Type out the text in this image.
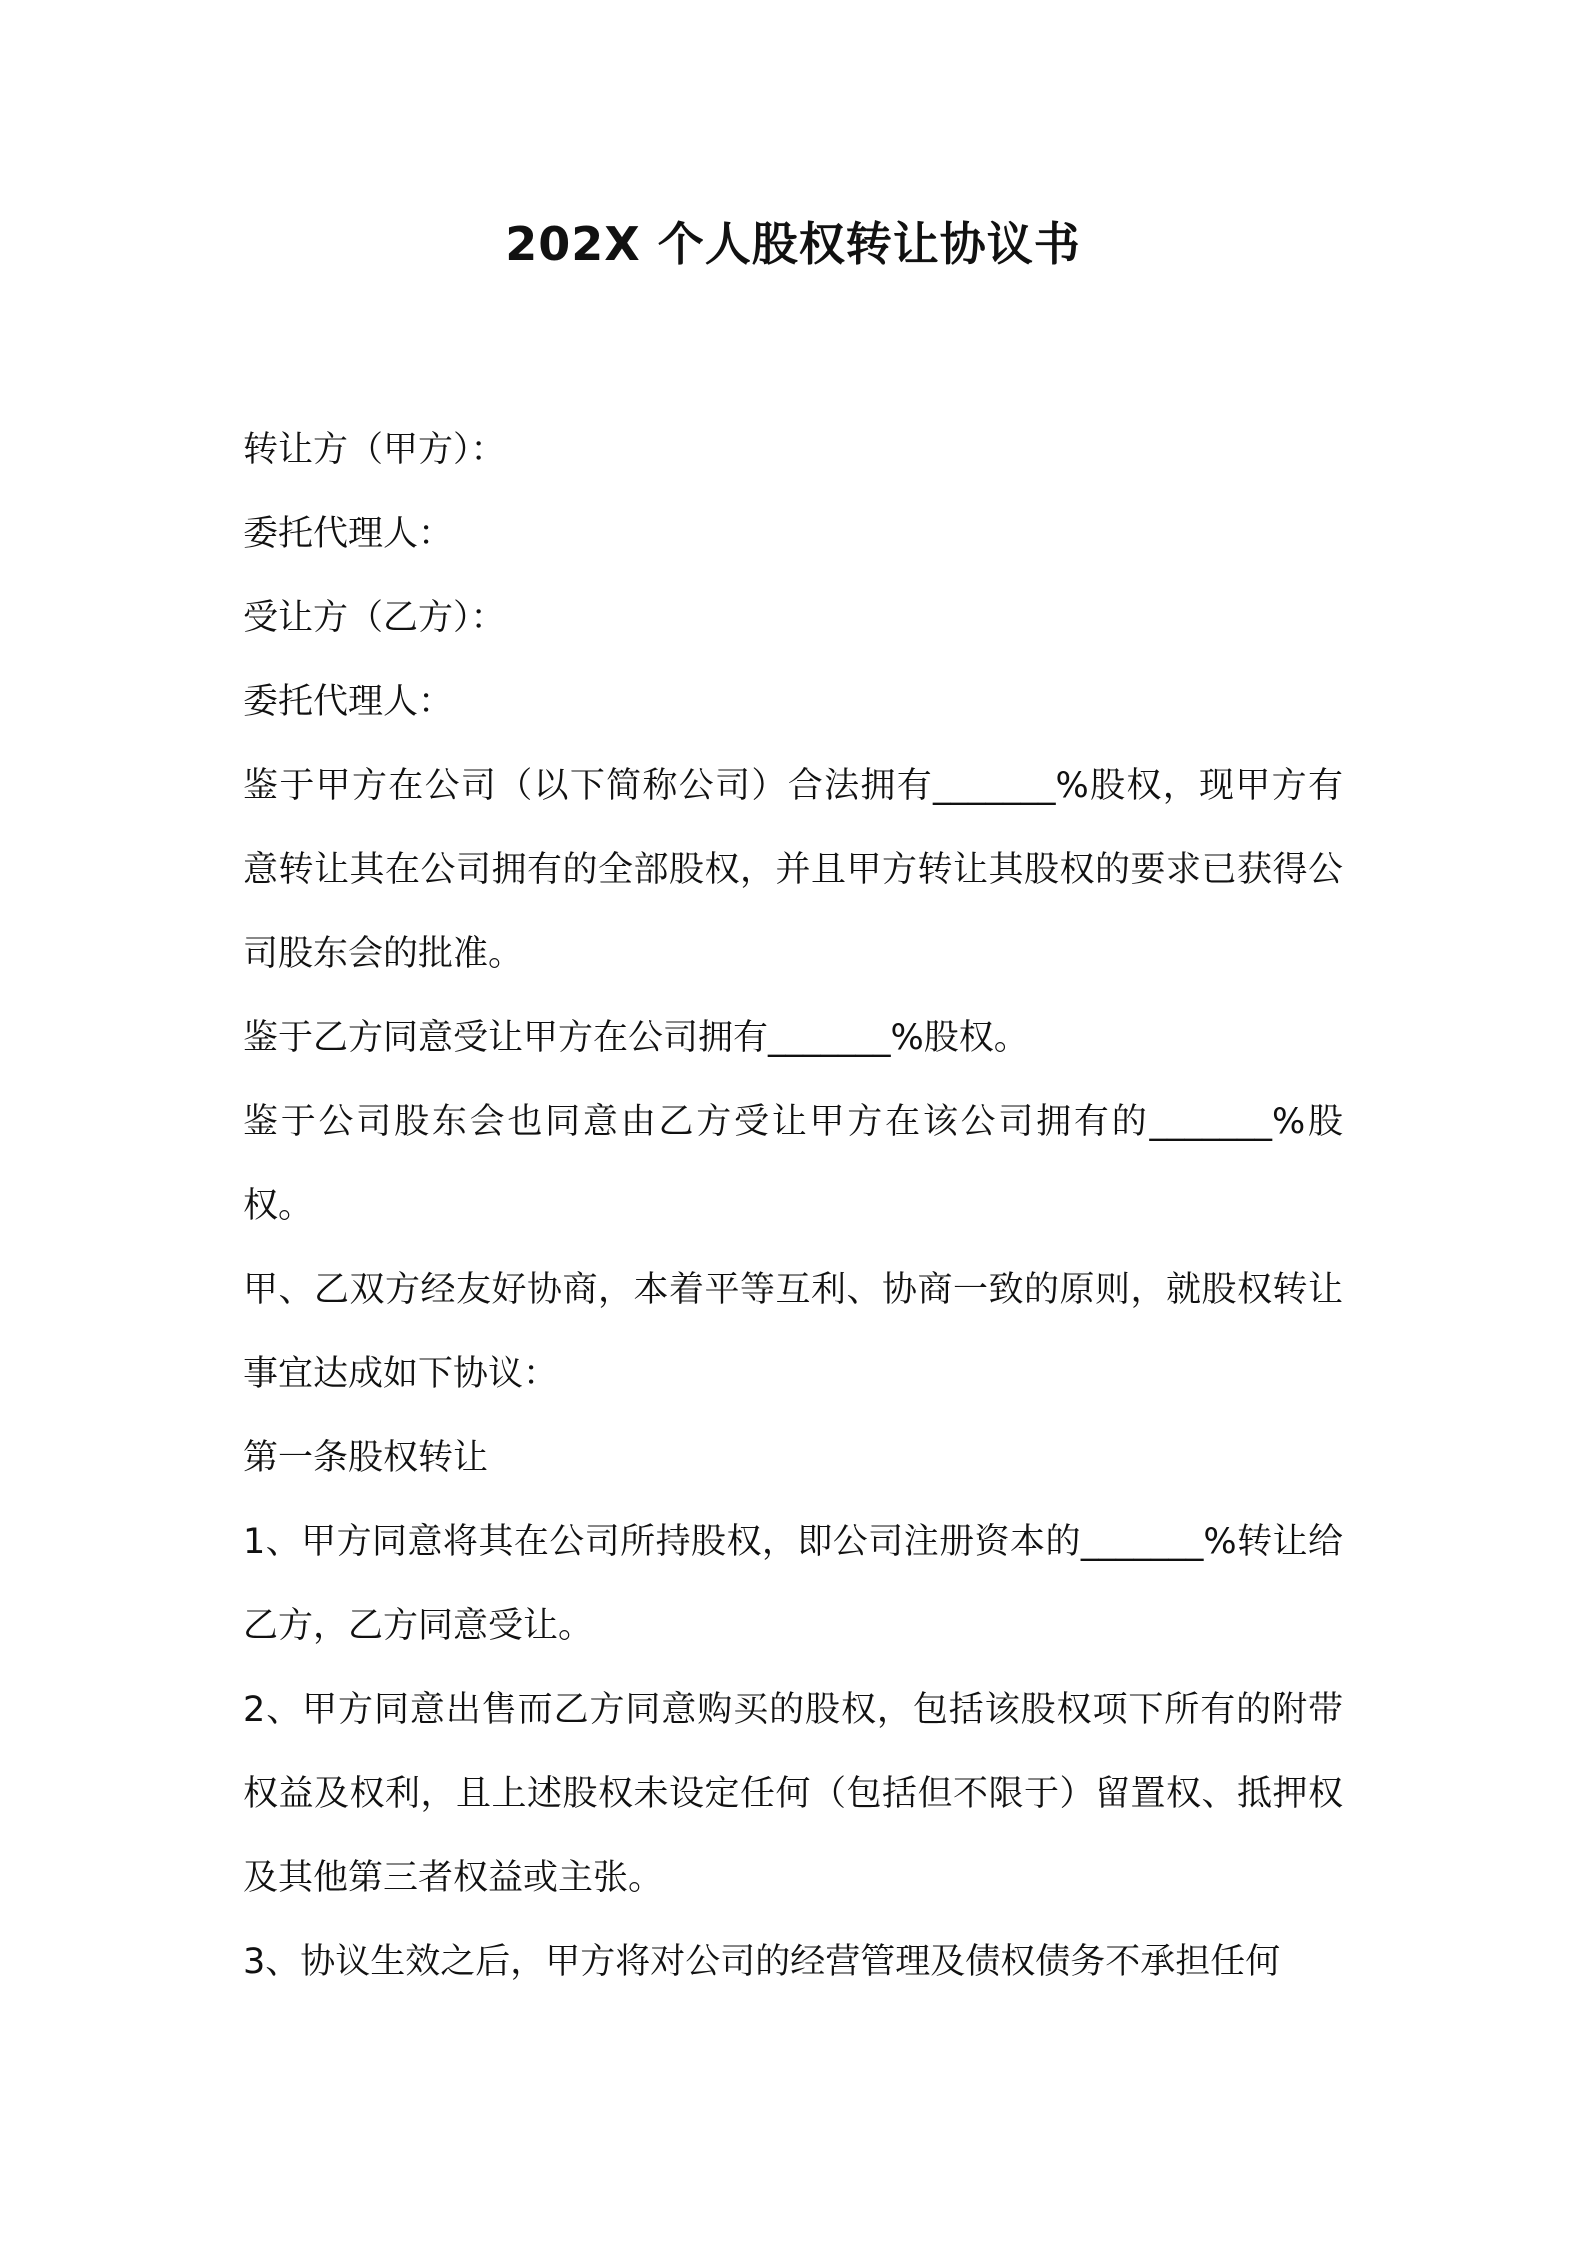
202X 个人股权转让协议书

转让方（甲方）：

委托代理人：

受让方（乙方）：

委托代理人：

鉴于甲方在公司（以下简称公司）合法拥有_______%股权，现甲方有意转让其在公司拥有的全部股权，并且甲方转让其股权的要求已获得公司股东会的批准。

鉴于乙方同意受让甲方在公司拥有_______%股权。

鉴于公司股东会也同意由乙方受让甲方在该公司拥有的_______%股权。

甲、乙双方经友好协商，本着平等互利、协商一致的原则，就股权转让事宜达成如下协议：

第一条股权转让

1、甲方同意将其在公司所持股权，即公司注册资本的_______%转让给乙方，乙方同意受让。

2、甲方同意出售而乙方同意购买的股权，包括该股权项下所有的附带权益及权利，且上述股权未设定任何（包括但不限于）留置权、抵押权及其他第三者权益或主张。

3、协议生效之后，甲方将对公司的经营管理及债权债务不承担任何
